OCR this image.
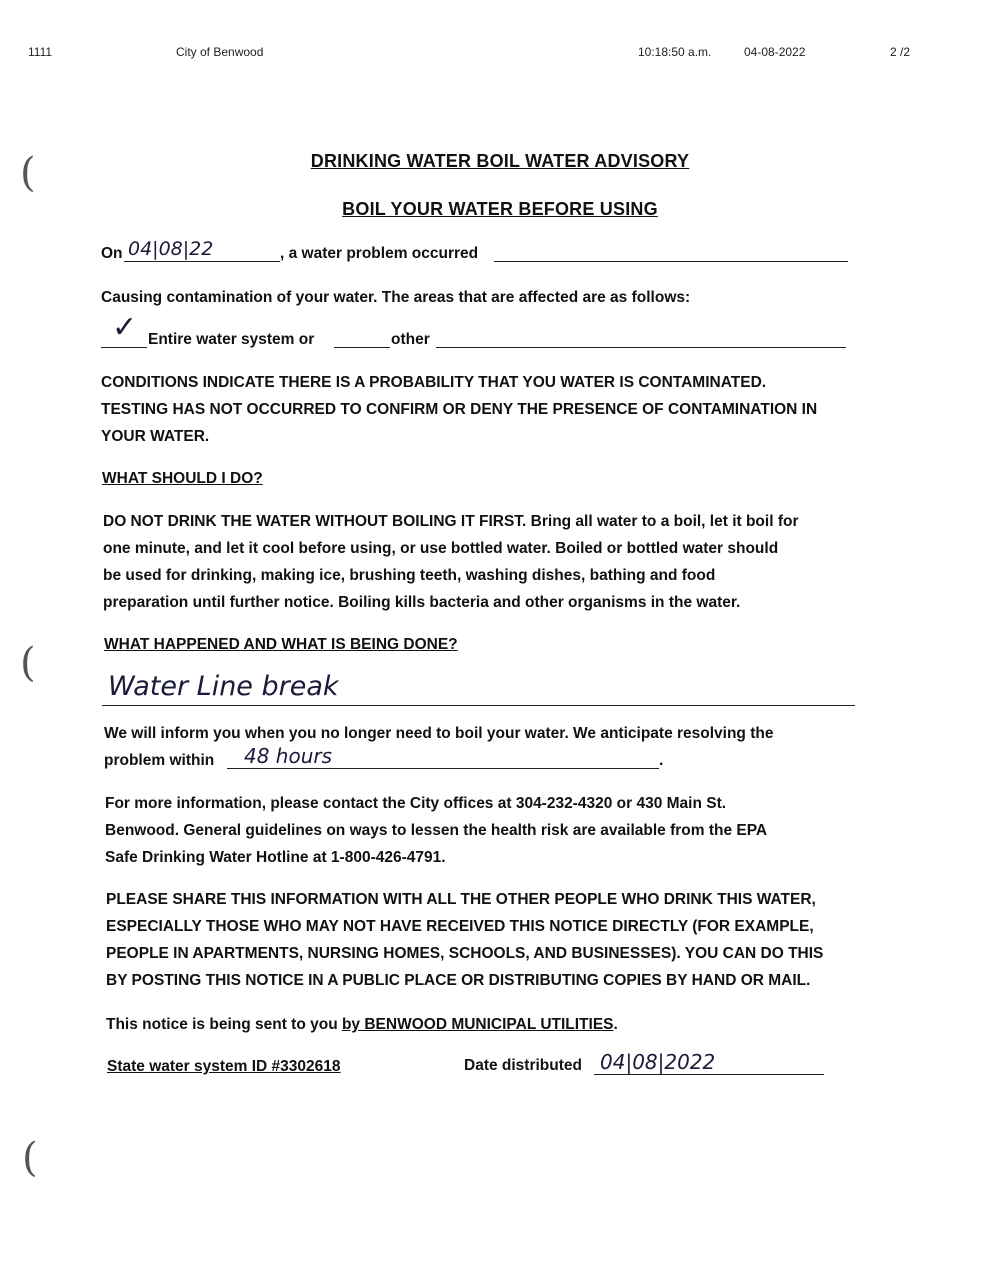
1111	City of Benwood	10:18:50 a.m.	04-08-2022	2 /2
(
(
(
DRINKING WATER BOIL WATER ADVISORY
BOIL YOUR WATER BEFORE USING
On 04|08|22	, a water problem occurred
Causing contamination of your water. The areas that are affected are as follows:
✓ Entire water system or	other
CONDITIONS INDICATE THERE IS A PROBABILITY THAT YOU WATER IS CONTAMINATED.
TESTING HAS NOT OCCURRED TO CONFIRM OR DENY THE PRESENCE OF CONTAMINATION IN
YOUR WATER.
WHAT SHOULD I DO?
DO NOT DRINK THE WATER WITHOUT BOILING IT FIRST. Bring all water to a boil, let it boil for
one minute, and let it cool before using, or use bottled water. Boiled or bottled water should
be used for drinking, making ice, brushing teeth, washing dishes, bathing and food
preparation until further notice. Boiling kills bacteria and other organisms in the water.
WHAT HAPPENED AND WHAT IS BEING DONE?
Water Line break
We will inform you when you no longer need to boil your water. We anticipate resolving the
problem within 48 hours	.
For more information, please contact the City offices at 304-232-4320 or 430 Main St.
Benwood. General guidelines on ways to lessen the health risk are available from the EPA
Safe Drinking Water Hotline at 1-800-426-4791.
PLEASE SHARE THIS INFORMATION WITH ALL THE OTHER PEOPLE WHO DRINK THIS WATER,
ESPECIALLY THOSE WHO MAY NOT HAVE RECEIVED THIS NOTICE DIRECTLY (FOR EXAMPLE,
PEOPLE IN APARTMENTS, NURSING HOMES, SCHOOLS, AND BUSINESSES). YOU CAN DO THIS
BY POSTING THIS NOTICE IN A PUBLIC PLACE OR DISTRIBUTING COPIES BY HAND OR MAIL.
This notice is being sent to you by BENWOOD MUNICIPAL UTILITIES.
State water system ID #3302618	Date distributed 04|08|2022
